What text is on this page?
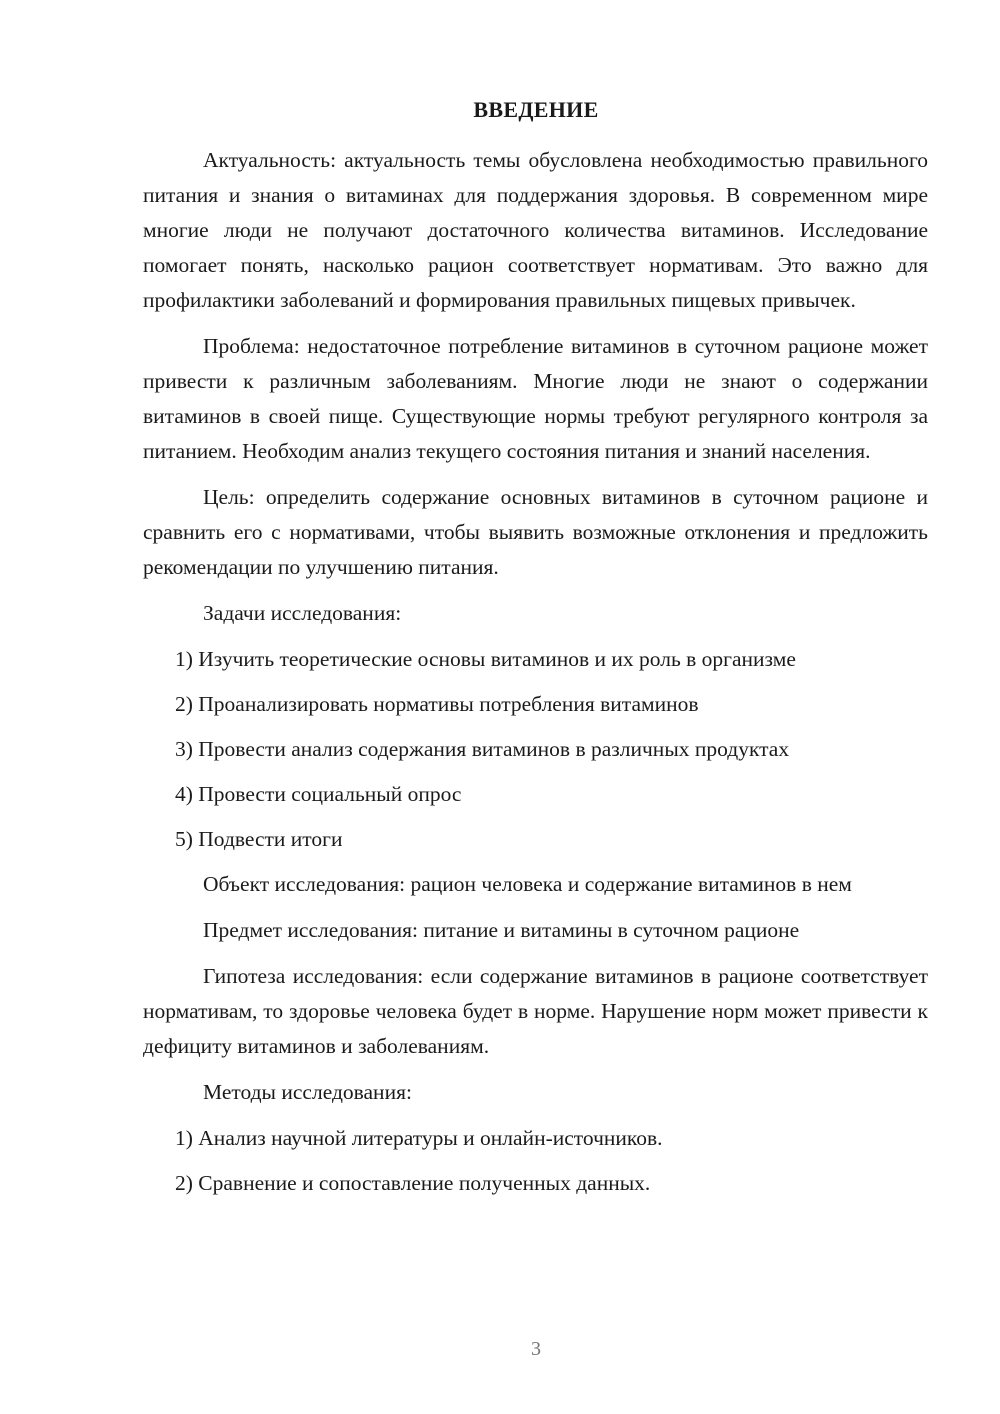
ВВЕДЕНИЕ

Актуальность: актуальность темы обусловлена необходимостью правильного питания и знания о витаминах для поддержания здоровья. В современном мире многие люди не получают достаточного количества витаминов. Исследование помогает понять, насколько рацион соответствует нормативам. Это важно для профилактики заболеваний и формирования правильных пищевых привычек.

Проблема: недостаточное потребление витаминов в суточном рационе может привести к различным заболеваниям. Многие люди не знают о содержании витаминов в своей пище. Существующие нормы требуют регулярного контроля за питанием. Необходим анализ текущего состояния питания и знаний населения.

Цель: определить содержание основных витаминов в суточном рационе и сравнить его с нормативами, чтобы выявить возможные отклонения и предложить рекомендации по улучшению питания.

Задачи исследования:

1) Изучить теоретические основы витаминов и их роль в организме
2) Проанализировать нормативы потребления витаминов
3) Провести анализ содержания витаминов в различных продуктах
4) Провести социальный опрос
5) Подвести итоги

Объект исследования: рацион человека и содержание витаминов в нем

Предмет исследования: питание и витамины в суточном рационе

Гипотеза исследования: если содержание витаминов в рационе соответствует нормативам, то здоровье человека будет в норме. Нарушение норм может привести к дефициту витаминов и заболеваниям.

Методы исследования:

1) Анализ научной литературы и онлайн-источников.
2) Сравнение и сопоставление полученных данных.
3
